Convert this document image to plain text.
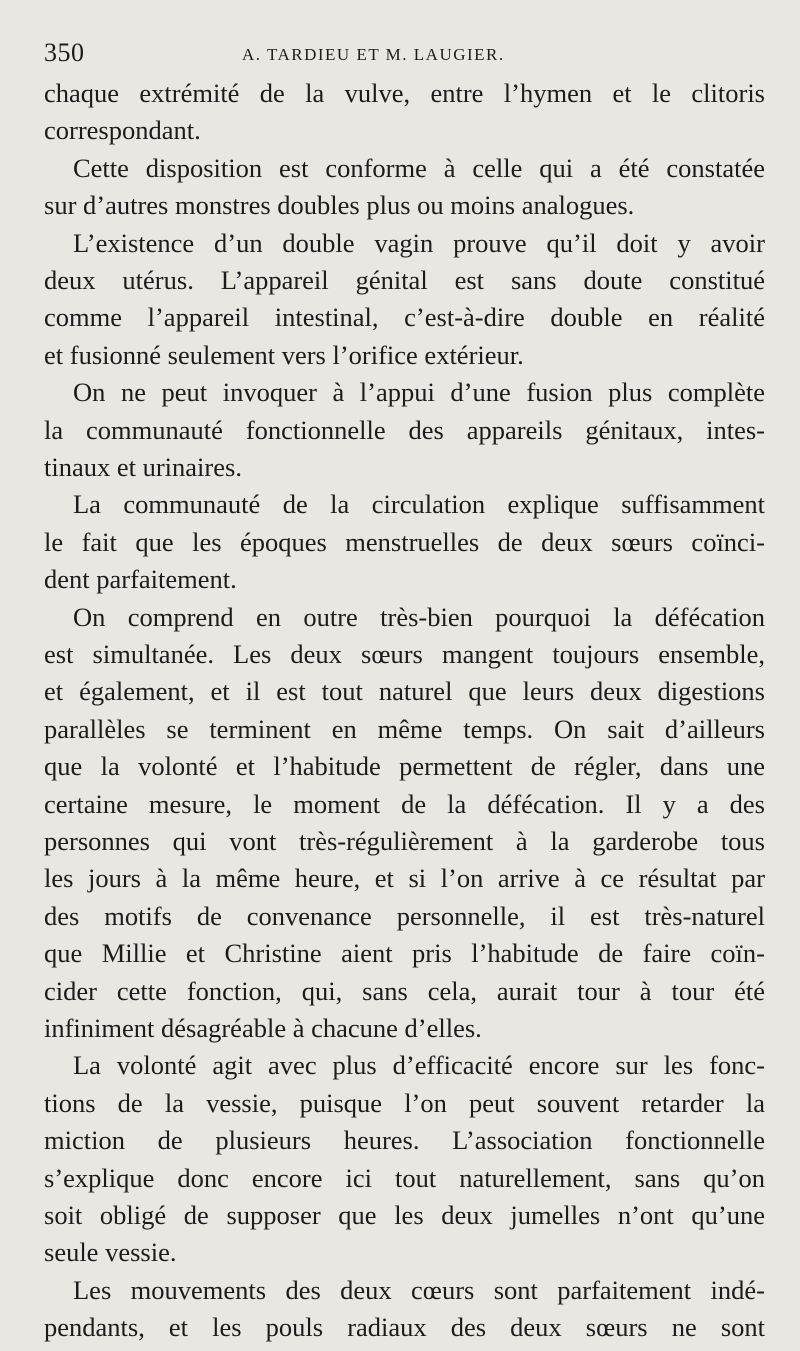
350	A. TARDIEU ET M. LAUGIER.
chaque extrémité de la vulve, entre l’hymen et le clitoris
correspondant.
Cette disposition est conforme à celle qui a été constatée
sur d’autres monstres doubles plus ou moins analogues.
L’existence d’un double vagin prouve qu’il doit y avoir
deux utérus. L’appareil génital est sans doute constitué
comme l’appareil intestinal, c’est-à-dire double en réalité
et fusionné seulement vers l’orifice extérieur.
On ne peut invoquer à l’appui d’une fusion plus complète
la communauté fonctionnelle des appareils génitaux, intes-
tinaux et urinaires.
La communauté de la circulation explique suffisamment
le fait que les époques menstruelles de deux sœurs coïnci-
dent parfaitement.
On comprend en outre très-bien pourquoi la défécation
est simultanée. Les deux sœurs mangent toujours ensemble,
et également, et il est tout naturel que leurs deux digestions
parallèles se terminent en même temps. On sait d’ailleurs
que la volonté et l’habitude permettent de régler, dans une
certaine mesure, le moment de la défécation. Il y a des
personnes qui vont très-régulièrement à la garderobe tous
les jours à la même heure, et si l’on arrive à ce résultat par
des motifs de convenance personnelle, il est très-naturel
que Millie et Christine aient pris l’habitude de faire coïn-
cider cette fonction, qui, sans cela, aurait tour à tour été
infiniment désagréable à chacune d’elles.
La volonté agit avec plus d’efficacité encore sur les fonc-
tions de la vessie, puisque l’on peut souvent retarder la
miction de plusieurs heures. L’association fonctionnelle
s’explique donc encore ici tout naturellement, sans qu’on
soit obligé de supposer que les deux jumelles n’ont qu’une
seule vessie.
Les mouvements des deux cœurs sont parfaitement indé-
pendants, et les pouls radiaux des deux sœurs ne sont
